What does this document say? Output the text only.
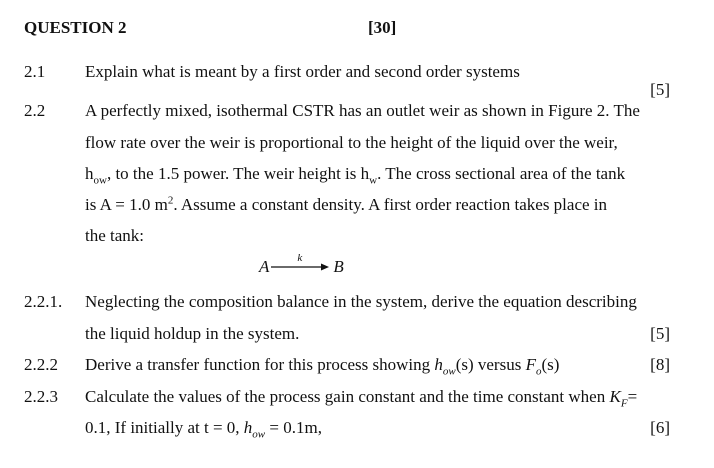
QUESTION 2	[30]
2.1 Explain what is meant by a first order and second order systems
[5]
2.2 A perfectly mixed, isothermal CSTR has an outlet weir as shown in Figure 2. The
flow rate over the weir is proportional to the height of the liquid over the weir,
$h_{ow}$, to the 1.5 power. The weir height is $h_w$. The cross sectional area of the tank
is A = 1.0 $m^2$. Assume a constant density. A first order reaction takes place in
the tank:
A	k B
2.2.1. Neglecting the composition balance in the system, derive the equation describing
the liquid holdup in the system.	[5]
2.2.2 Derive a transfer function for this process showing $h_{ow}(s)$ versus $F_o(s)$	[8]
2.2.3 Calculate the values of the process gain constant and the time constant when $K_F=$
0.1, If initially at t = 0, $h_{ow} = 0.1m$,	[6]
